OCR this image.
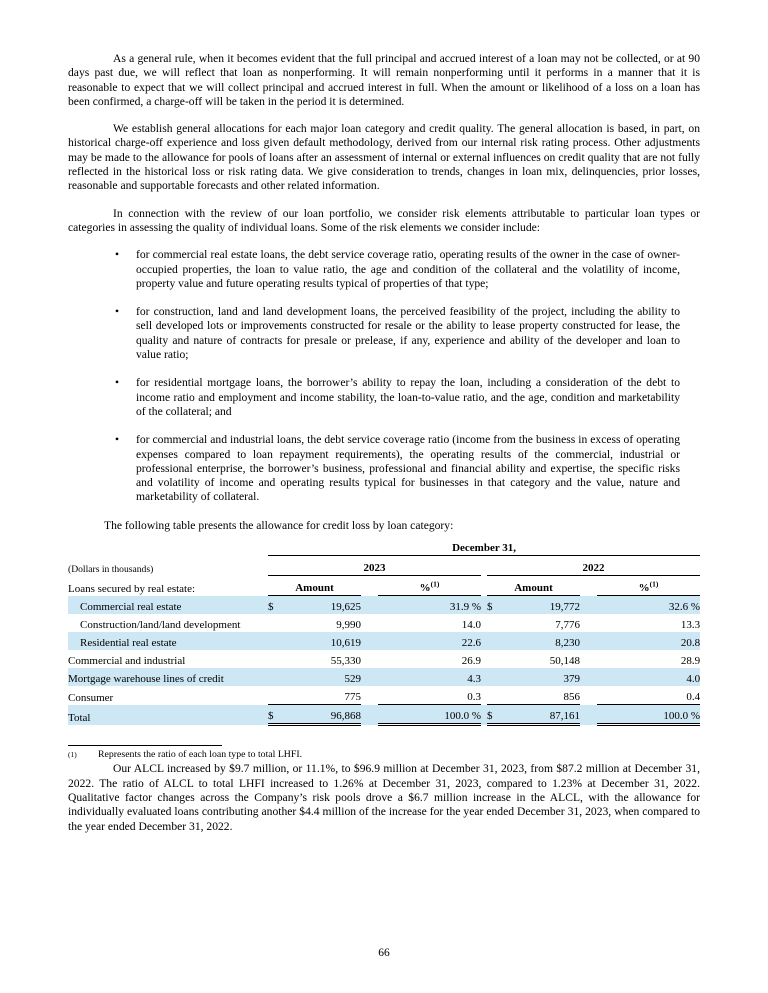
As a general rule, when it becomes evident that the full principal and accrued interest of a loan may not be collected, or at 90 days past due, we will reflect that loan as nonperforming. It will remain nonperforming until it performs in a manner that it is reasonable to expect that we will collect principal and accrued interest in full. When the amount or likelihood of a loss on a loan has been confirmed, a charge-off will be taken in the period it is determined.

We establish general allocations for each major loan category and credit quality. The general allocation is based, in part, on historical charge-off experience and loss given default methodology, derived from our internal risk rating process. Other adjustments may be made to the allowance for pools of loans after an assessment of internal or external influences on credit quality that are not fully reflected in the historical loss or risk rating data. We give consideration to trends, changes in loan mix, delinquencies, prior losses, reasonable and supportable forecasts and other related information.

In connection with the review of our loan portfolio, we consider risk elements attributable to particular loan types or categories in assessing the quality of individual loans. Some of the risk elements we consider include:

• for commercial real estate loans, the debt service coverage ratio, operating results of the owner in the case of owner-occupied properties, the loan to value ratio, the age and condition of the collateral and the volatility of income, property value and future operating results typical of properties of that type;
• for construction, land and land development loans, the perceived feasibility of the project, including the ability to sell developed lots or improvements constructed for resale or the ability to lease property constructed for lease, the quality and nature of contracts for presale or prelease, if any, experience and ability of the developer and loan to value ratio;
• for residential mortgage loans, the borrower’s ability to repay the loan, including a consideration of the debt to income ratio and employment and income stability, the loan-to-value ratio, and the age, condition and marketability of the collateral; and
• for commercial and industrial loans, the debt service coverage ratio (income from the business in excess of operating expenses compared to loan repayment requirements), the operating results of the commercial, industrial or professional enterprise, the borrower’s business, professional and financial ability and expertise, the specific risks and volatility of income and operating results typical for businesses in that category and the value, nature and marketability of collateral.

The following table presents the allowance for credit loss by loan category:

	December 31,								
(Dollars in thousands)	2023					2022			
Loans secured by real estate:	Amount			%$^{(1)}$		Amount			%$^{(1)}$
Commercial real estate	$	19,625		31.9 %		$	19,772		32.6 %
Construction/land/land development		9,990		14.0			7,776		13.3
Residential real estate		10,619		22.6			8,230		20.8
Commercial and industrial		55,330		26.9			50,148		28.9
Mortgage warehouse lines of credit		529		4.3			379		4.0
Consumer		775		0.3			856		0.4
Total	$	96,868		100.0 %		$	87,161		100.0 %

(1) Represents the ratio of each loan type to total LHFI.

Our ALCL increased by $9.7 million, or 11.1%, to $96.9 million at December 31, 2023, from $87.2 million at December 31, 2022. The ratio of ALCL to total LHFI increased to 1.26% at December 31, 2023, compared to 1.23% at December 31, 2022. Qualitative factor changes across the Company’s risk pools drove a $6.7 million increase in the ALCL, with the allowance for individually evaluated loans contributing another $4.4 million of the increase for the year ended December 31, 2023, when compared to the year ended December 31, 2022.

66
